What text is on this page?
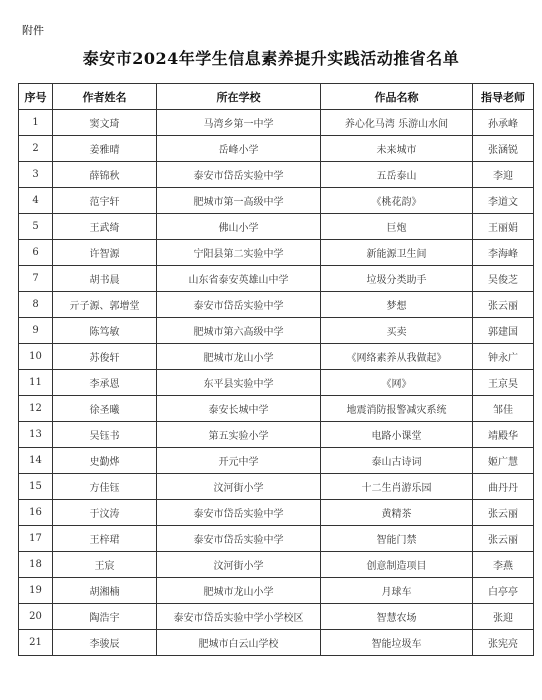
附件
泰安市2024年学生信息素养提升实践活动推省名单
序号	作者姓名	所在学校	作品名称	指导老师
1	窦文琦	马湾乡第一中学	养心化马湾 乐游山水间	孙承峰
2	姜雅晴	岳峰小学	未来城市	张涵锐
3	薛锦秋	泰安市岱岳实验中学	五岳泰山	李迎
4	范宇轩	肥城市第一高级中学	《桃花韵》	李道文
5	王武绮	佛山小学	巨炮	王丽娟
6	许智源	宁阳县第二实验中学	新能源卫生间	李海峰
7	胡书晨	山东省泰安英雄山中学	垃圾分类助手	吴俊芝
8	亓子源、郭增堂	泰安市岱岳实验中学	梦想	张云丽
9	陈笃敏	肥城市第六高级中学	买卖	郭建国
10	苏俊轩	肥城市龙山小学	《网络素养从我做起》	钟永广
11	李承恩	东平县实验中学	《网》	王京昊
12	徐圣曦	泰安长城中学	地震消防报警减灾系统	邹佳
13	吴钰书	第五实验小学	电路小课堂	靖殿华
14	史勤烨	开元中学	泰山古诗词	姬广慧
15	方佳钰	汶河街小学	十二生肖游乐园	曲丹丹
16	于汶涛	泰安市岱岳实验中学	黄精茶	张云丽
17	王梓珺	泰安市岱岳实验中学	智能门禁	张云丽
18	王宸	汶河街小学	创意制造项目	李燕
19	胡湘楠	肥城市龙山小学	月球车	白亭亭
20	陶浩宇	泰安市岱岳实验中学小学校区	智慧农场	张迎
21	李骏辰	肥城市白云山学校	智能垃圾车	张宪亮
